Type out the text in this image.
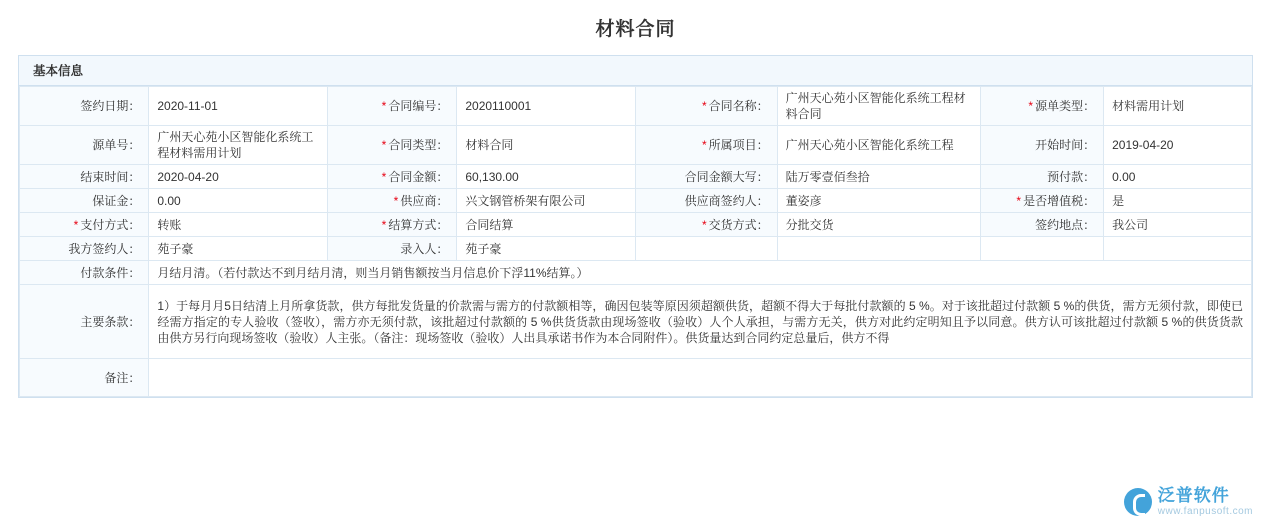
材料合同
基本信息
签约日期：	2020-11-01	* 合同编号：	2020110001	* 合同名称：	广州天心苑小区智能化系统工程材料合同	* 源单类型：	材料需用计划
源单号：	广州天心苑小区智能化系统工程材料需用计划	* 合同类型：	材料合同	* 所属项目：	广州天心苑小区智能化系统工程	开始时间：	2019-04-20
结束时间：	2020-04-20	* 合同金额：	60,130.00	合同金额大写：	陆万零壹佰叁拾	预付款：	0.00
保证金：	0.00	* 供应商：	兴文钢管桥架有限公司	供应商签约人：	董姿彦	* 是否增值税：	是
* 支付方式：	转账	* 结算方式：	合同结算	* 交货方式：	分批交货	签约地点：	我公司
我方签约人：	苑子豪	录入人：	苑子豪				
付款条件：	月结月清。（若付款达不到月结月清，则当月销售额按当月信息价下浮11%结算。）						
主要条款：	1）于每月月5日结清上月所拿货款，供方每批发货量的价款需与需方的付款额相等，确因包装等原因须超额供货，超额不得大于每批付款额的 5 %。对于该批超过付款额 5 %的供货，需方无须付款，即使已经需方指定的专人验收（签收），需方亦无须付款，该批超过付款额的 5 %供货货款由现场签收（验收）人个人承担，与需方无关，供方对此约定明知且予以同意。供方认可该批超过付款额 5 %的供货货款由供方另行向现场签收（验收）人主张。（备注：现场签收（验收）人出具承诺书作为本合同附件）。供货量达到合同约定总量后，供方不得						
备注：							
泛普软件
www.fanpusoft.com
